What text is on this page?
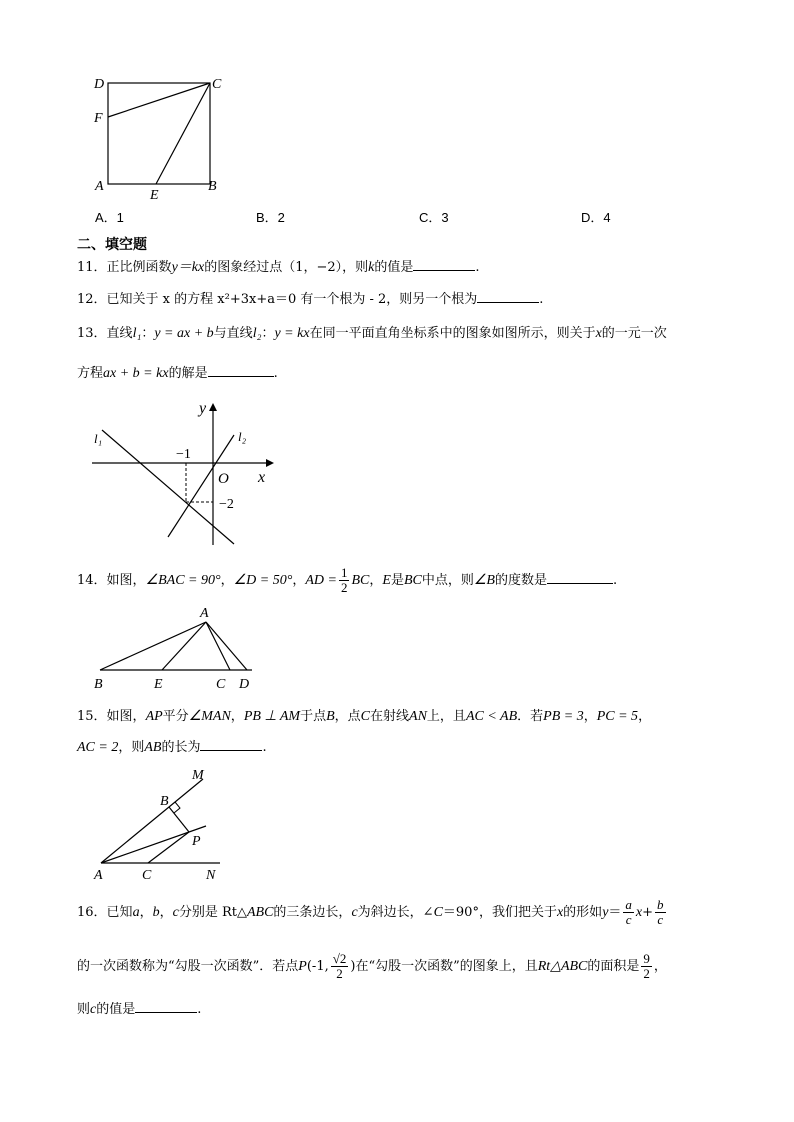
D	C
F
A
E
B
A．1	B．2	C．3	D．4
二、填空题
11．正比例函数y＝kx的图象经过点（1，−2），则k的值是	.
12．已知关于 x 的方程 x²+3x+a＝0 有一个根为 - 2，则另一个根为	.
13．直线l₁：y = ax + b与直线l₂：y = kx在同一平面直角坐标系中的图象如图所示，则关于x的一元一次
方程ax + b = kx的解是	.
y
x
l₁	l₂
−1
O
−2
14．如图，∠BAC = 90°，∠D = 50°，AD = $\frac{1}{2}$ BC，E是BC中点，则∠B的度数是	.
A
B	E	C D
15．如图，AP平分∠MAN，PB ⊥ AM于点B，点C在射线AN上，且AC < AB．若PB = 3，PC = 5，
AC = 2，则AB的长为	.
M
B
P
A	C	N
16．已知a，b，c分别是 Rt△ABC的三条边长，c为斜边长，∠C＝90°，我们把关于x的形如$y= \frac{a}{c} x+ \frac{b}{c}$
的一次函数称为“勾股一次函数”．若点P(-1, $\frac{√2}{2}$ )在“勾股一次函数”的图象上，且Rt△ABC的面积是 $\frac{9}{2}$ ，
则c的值是	.
